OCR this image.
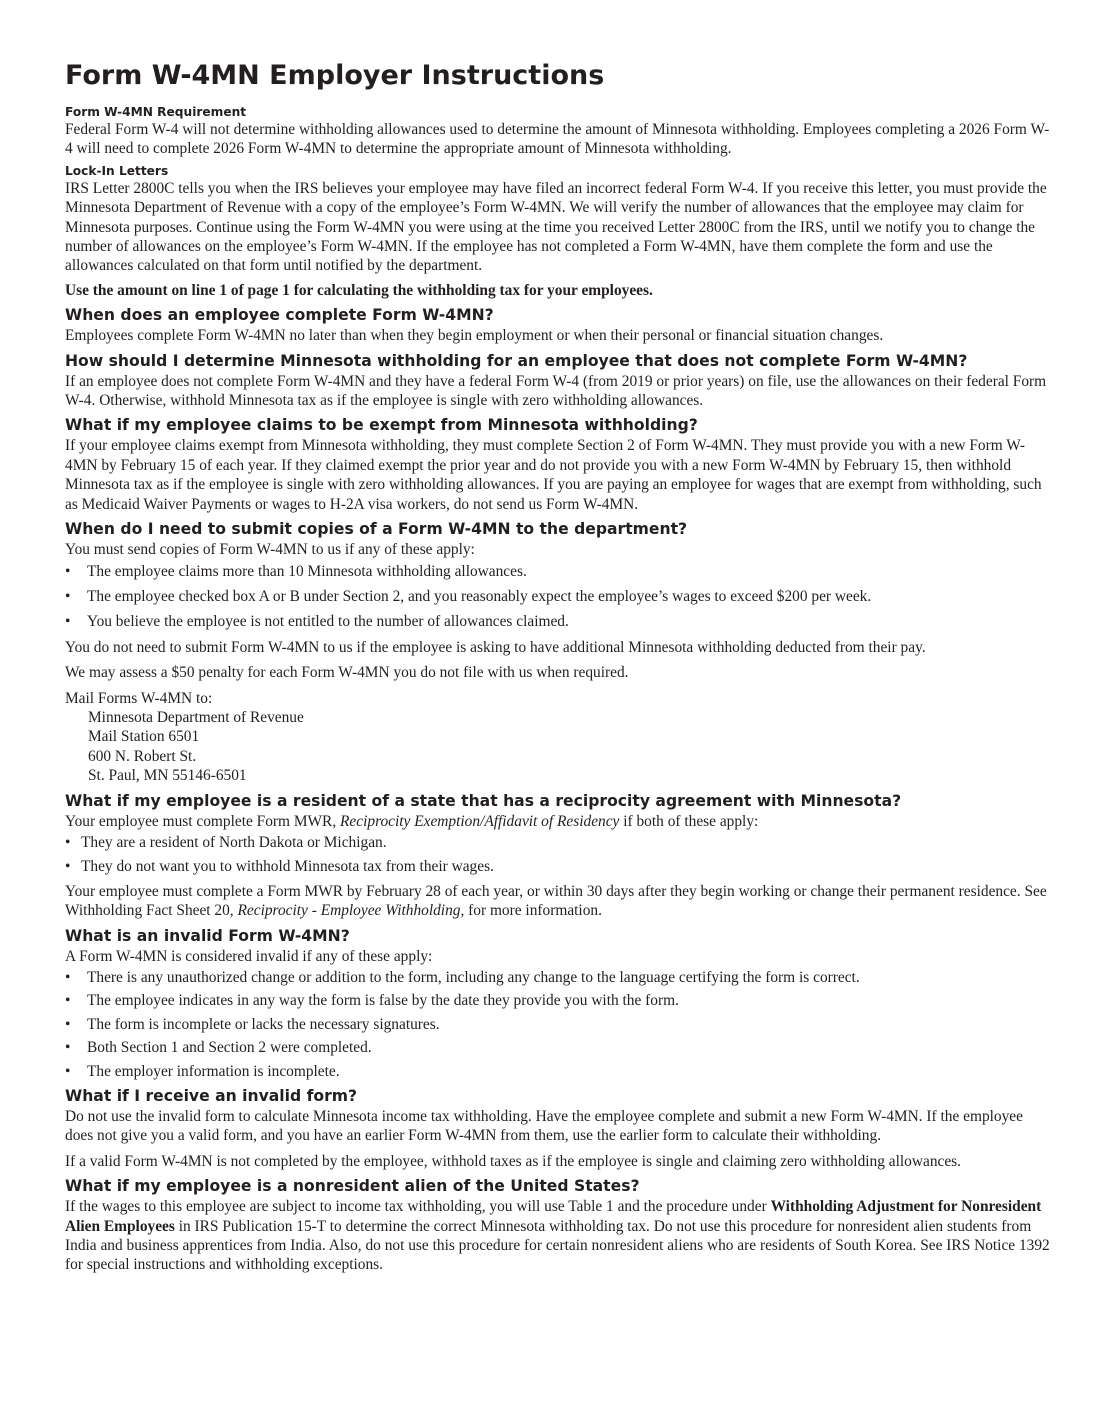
Form W-4MN Employer Instructions

Form W-4MN Requirement

Federal Form W-4 will not determine withholding allowances used to determine the amount of Minnesota withholding. Employees completing a 2026 Form W-4 will need to complete 2026 Form W-4MN to determine the appropriate amount of Minnesota withholding.

Lock-In Letters

IRS Letter 2800C tells you when the IRS believes your employee may have filed an incorrect federal Form W-4. If you receive this letter, you must provide the Minnesota Department of Revenue with a copy of the employee’s Form W-4MN. We will verify the number of allowances that the employee may claim for Minnesota purposes. Continue using the Form W-4MN you were using at the time you received Letter 2800C from the IRS, until we notify you to change the number of allowances on the employee’s Form W-4MN. If the employee has not completed a Form W-4MN, have them complete the form and use the allowances calculated on that form until notified by the department.

Use the amount on line 1 of page 1 for calculating the withholding tax for your employees.

When does an employee complete Form W-4MN?

Employees complete Form W-4MN no later than when they begin employment or when their personal or financial situation changes.

How should I determine Minnesota withholding for an employee that does not complete Form W-4MN?

If an employee does not complete Form W-4MN and they have a federal Form W-4 (from 2019 or prior years) on file, use the allowances on their federal Form W-4. Otherwise, withhold Minnesota tax as if the employee is single with zero withholding allowances.

What if my employee claims to be exempt from Minnesota withholding?

If your employee claims exempt from Minnesota withholding, they must complete Section 2 of Form W-4MN. They must provide you with a new Form W-4MN by February 15 of each year. If they claimed exempt the prior year and do not provide you with a new Form W-4MN by February 15, then withhold Minnesota tax as if the employee is single with zero withholding allowances. If you are paying an employee for wages that are exempt from withholding, such as Medicaid Waiver Payments or wages to H-2A visa workers, do not send us Form W-4MN.

When do I need to submit copies of a Form W-4MN to the department?

You must send copies of Form W-4MN to us if any of these apply:

• The employee claims more than 10 Minnesota withholding allowances.
• The employee checked box A or B under Section 2, and you reasonably expect the employee’s wages to exceed $200 per week.
• You believe the employee is not entitled to the number of allowances claimed.

You do not need to submit Form W-4MN to us if the employee is asking to have additional Minnesota withholding deducted from their pay.

We may assess a $50 penalty for each Form W-4MN you do not file with us when required.

Mail Forms W-4MN to:

Minnesota Department of Revenue

Mail Station 6501

600 N. Robert St.

St. Paul, MN 55146-6501

What if my employee is a resident of a state that has a reciprocity agreement with Minnesota?

Your employee must complete Form MWR, Reciprocity Exemption/Affidavit of Residency if both of these apply:

• They are a resident of North Dakota or Michigan.
• They do not want you to withhold Minnesota tax from their wages.

Your employee must complete a Form MWR by February 28 of each year, or within 30 days after they begin working or change their permanent residence. See Withholding Fact Sheet 20, Reciprocity - Employee Withholding, for more information.

What is an invalid Form W-4MN?

A Form W-4MN is considered invalid if any of these apply:

• There is any unauthorized change or addition to the form, including any change to the language certifying the form is correct.
• The employee indicates in any way the form is false by the date they provide you with the form.
• The form is incomplete or lacks the necessary signatures.
• Both Section 1 and Section 2 were completed.
• The employer information is incomplete.

What if I receive an invalid form?

Do not use the invalid form to calculate Minnesota income tax withholding. Have the employee complete and submit a new Form W-4MN. If the employee does not give you a valid form, and you have an earlier Form W-4MN from them, use the earlier form to calculate their withholding.

If a valid Form W-4MN is not completed by the employee, withhold taxes as if the employee is single and claiming zero withholding allowances.

What if my employee is a nonresident alien of the United States?

If the wages to this employee are subject to income tax withholding, you will use Table 1 and the procedure under Withholding Adjustment for Nonresident Alien Employees in IRS Publication 15-T to determine the correct Minnesota withholding tax. Do not use this procedure for nonresident alien students from India and business apprentices from India. Also, do not use this procedure for certain nonresident aliens who are residents of South Korea. See IRS Notice 1392 for special instructions and withholding exceptions.
